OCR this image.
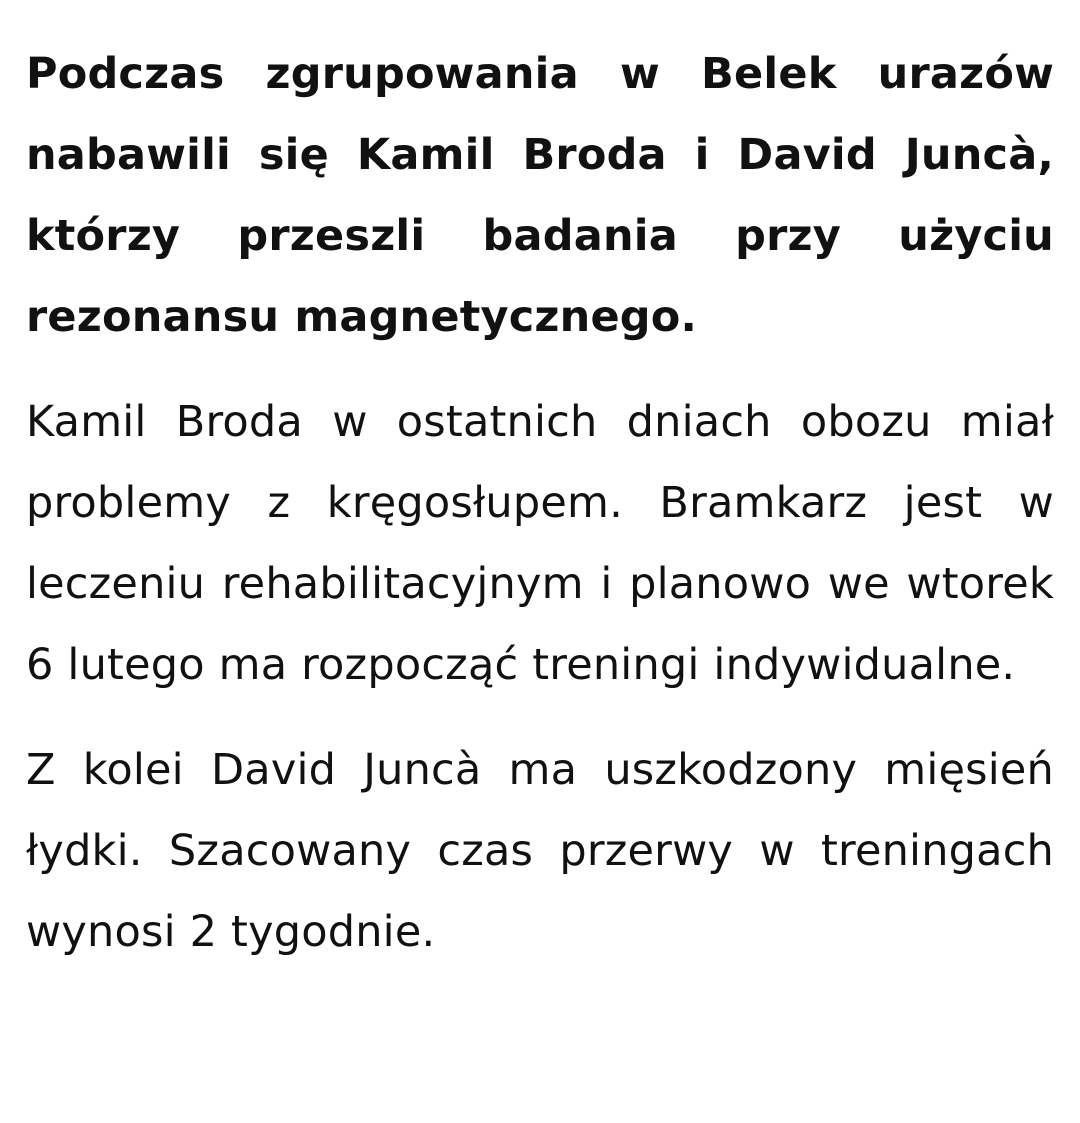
Podczas zgrupowania w Belek urazów nabawili się Kamil Broda i David Juncà, którzy przeszli badania przy użyciu rezonansu magnetycznego.

Kamil Broda w ostatnich dniach obozu miał problemy z kręgosłupem. Bramkarz jest w leczeniu rehabilitacyjnym i planowo we wtorek 6 lutego ma rozpocząć treningi indywidualne.

Z kolei David Juncà ma uszkodzony mięsień łydki. Szacowany czas przerwy w treningach wynosi 2 tygodnie.
